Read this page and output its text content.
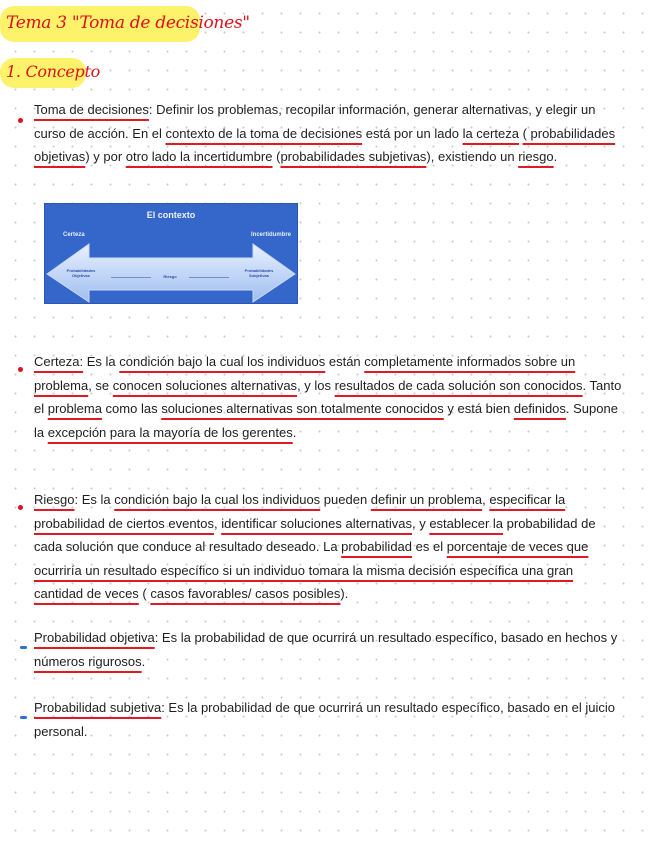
Tema 3 "Toma de decisiones"
1. Concepto

Toma de decisiones: Definir los problemas, recopilar información, generar alternativas, y elegir un curso de acción. En el contexto de la toma de decisiones está por un lado la certeza ( probabilidades objetivas) y por otro lado la incertidumbre (probabilidades subjetivas), existiendo un riesgo.

El contexto
Certeza	Incertidumbre
Probabilidades Objetivas
Probabilidades Subjetivas
Riesgo

Certeza: Es la condición bajo la cual los individuos están completamente informados sobre un problema, se conocen soluciones alternativas, y los resultados de cada solución son conocidos. Tanto el problema como las soluciones alternativas son totalmente conocidos y está bien definidos. Supone la excepción para la mayoría de los gerentes.

Riesgo: Es la condición bajo la cual los individuos pueden definir un problema, especificar la probabilidad de ciertos eventos, identificar soluciones alternativas, y establecer la probabilidad de cada solución que conduce al resultado deseado. La probabilidad es el porcentaje de veces que ocurriría un resultado específico si un individuo tomara la misma decisión específica una gran cantidad de veces ( casos favorables/ casos posibles).

Probabilidad objetiva: Es la probabilidad de que ocurrirá un resultado específico, basado en hechos y números rigurosos.

Probabilidad subjetiva: Es la probabilidad de que ocurrirá un resultado específico, basado en el juicio personal.
